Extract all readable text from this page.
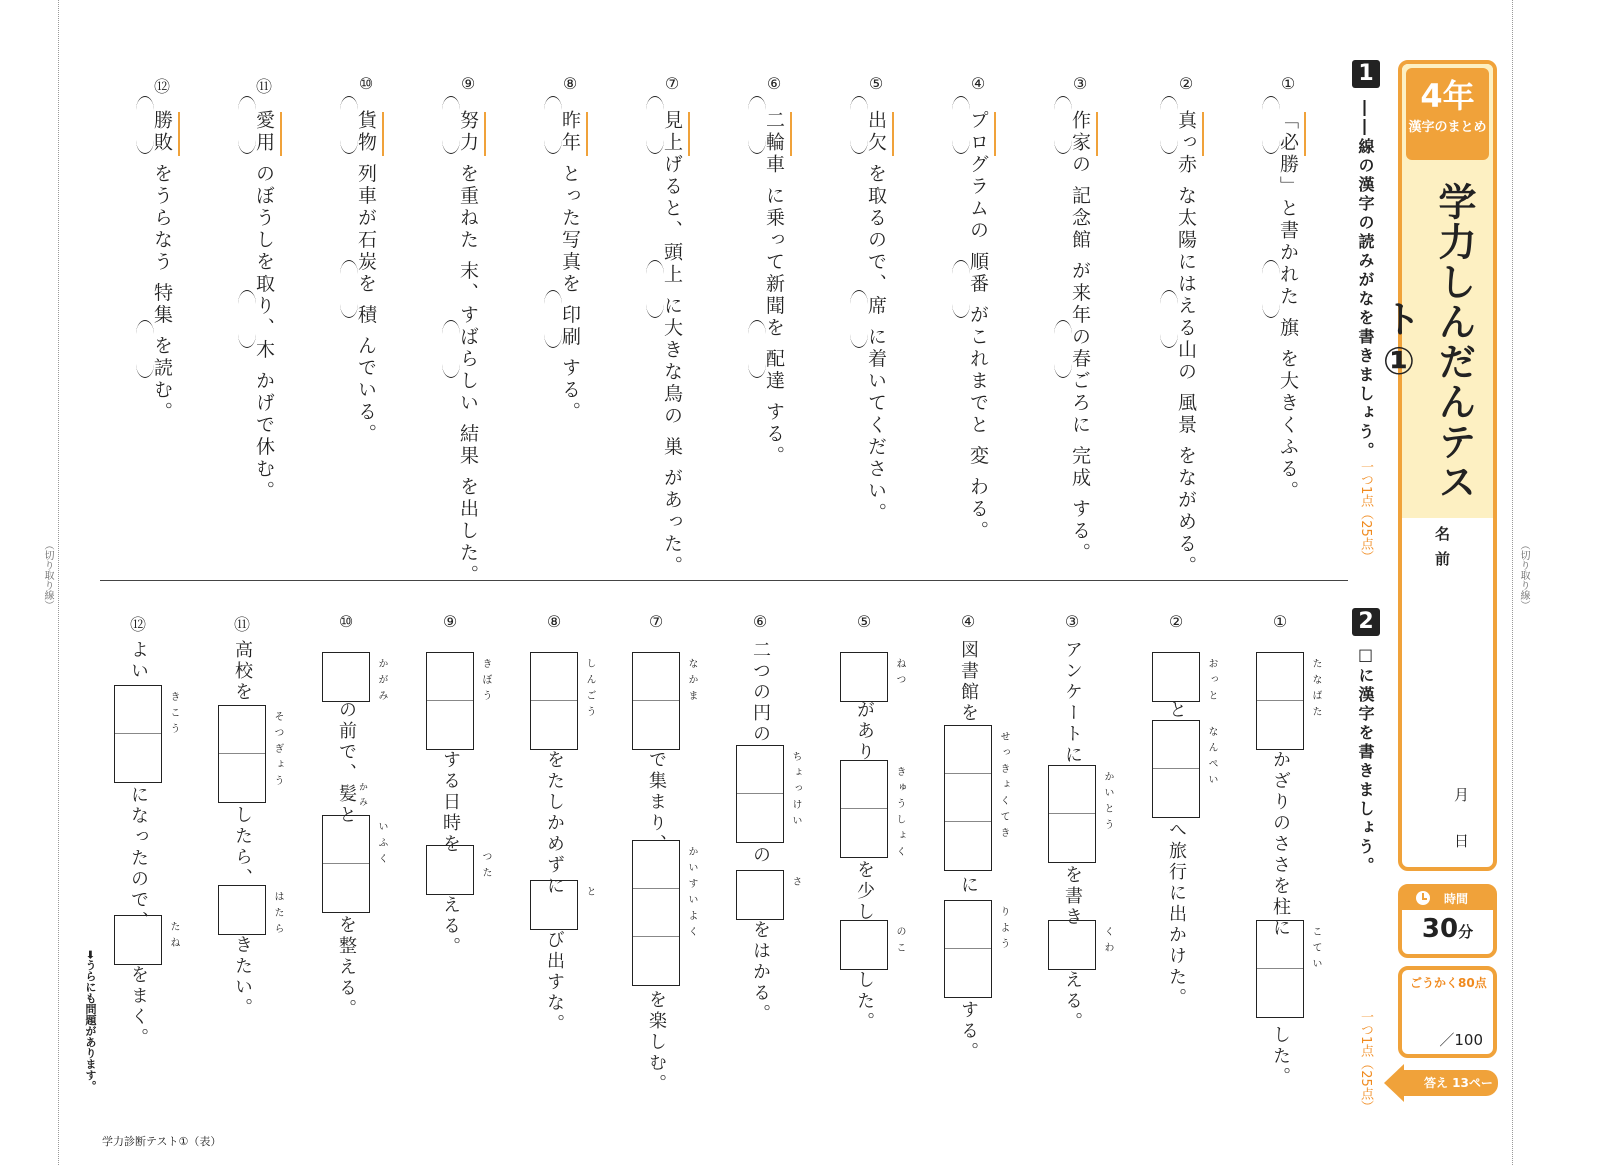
（切り取り線）	（切り取り線）
4年
漢字のまとめ
学力しんだんテスト①
名前
月
日
時間
30分
ごうかく80点
／100
答え 13ページ
1
――線の漢字の読みがなを書きましょう。
一つ1点（25点）
2
□に漢字を書きましょう。
一つ1点（25点）
①
「必勝」と書かれた 旗 を大きくふる。
②
真っ赤 な太陽にはえる山の 風景 をながめる。
③
作家の 記念館 が来年の春ごろに 完成 する。
④
プログラムの 順番 がこれまでと 変 わる。
⑤
出欠 を取るので、席 に着いてください。
⑥
二輪車 に乗って新聞を 配達 する。
⑦
見上げると、頭上 に大きな鳥の 巣 があった。
⑧
昨年 とった写真を 印刷 する。
⑨
努力 を重ねた 末、すばらしい 結果 を出した。
⑩
貨物 列車が石炭を 積 んでいる。
⑪
愛用 のぼうしを取り、木 かげで休む。
⑫
勝敗 をうらなう 特集 を読む。
①
たなばた
こてい
かざりのささを柱に
した。
②
おっと
なんぺい
と
へ旅行に出かけた。
③
かいとう
くわ
アンケートに
を書き
える。
④
せっきょくてき
りよう
図書館を
に
する。
⑤
ねつ
きゅうしょく
のこ
があり
を少し
した。
⑥
ちょっけい
さ
二つの円の
の
をはかる。
⑦
なかま
かいすいよく
で集まり、
を楽しむ。
⑧
しんごう
と
をたしかめずに
び出すな。
⑨
きぼう
つた
する日時を
える。
⑩
かがみ
いふく
の前で、髪と
を整える。
かみ
⑪
そつぎょう
はたら
高校を
したら、
きたい。
⑫
きこう
たね
よい
になったので、
をまく。
➡うらにも問題があります。
学力診断テスト①（表）
